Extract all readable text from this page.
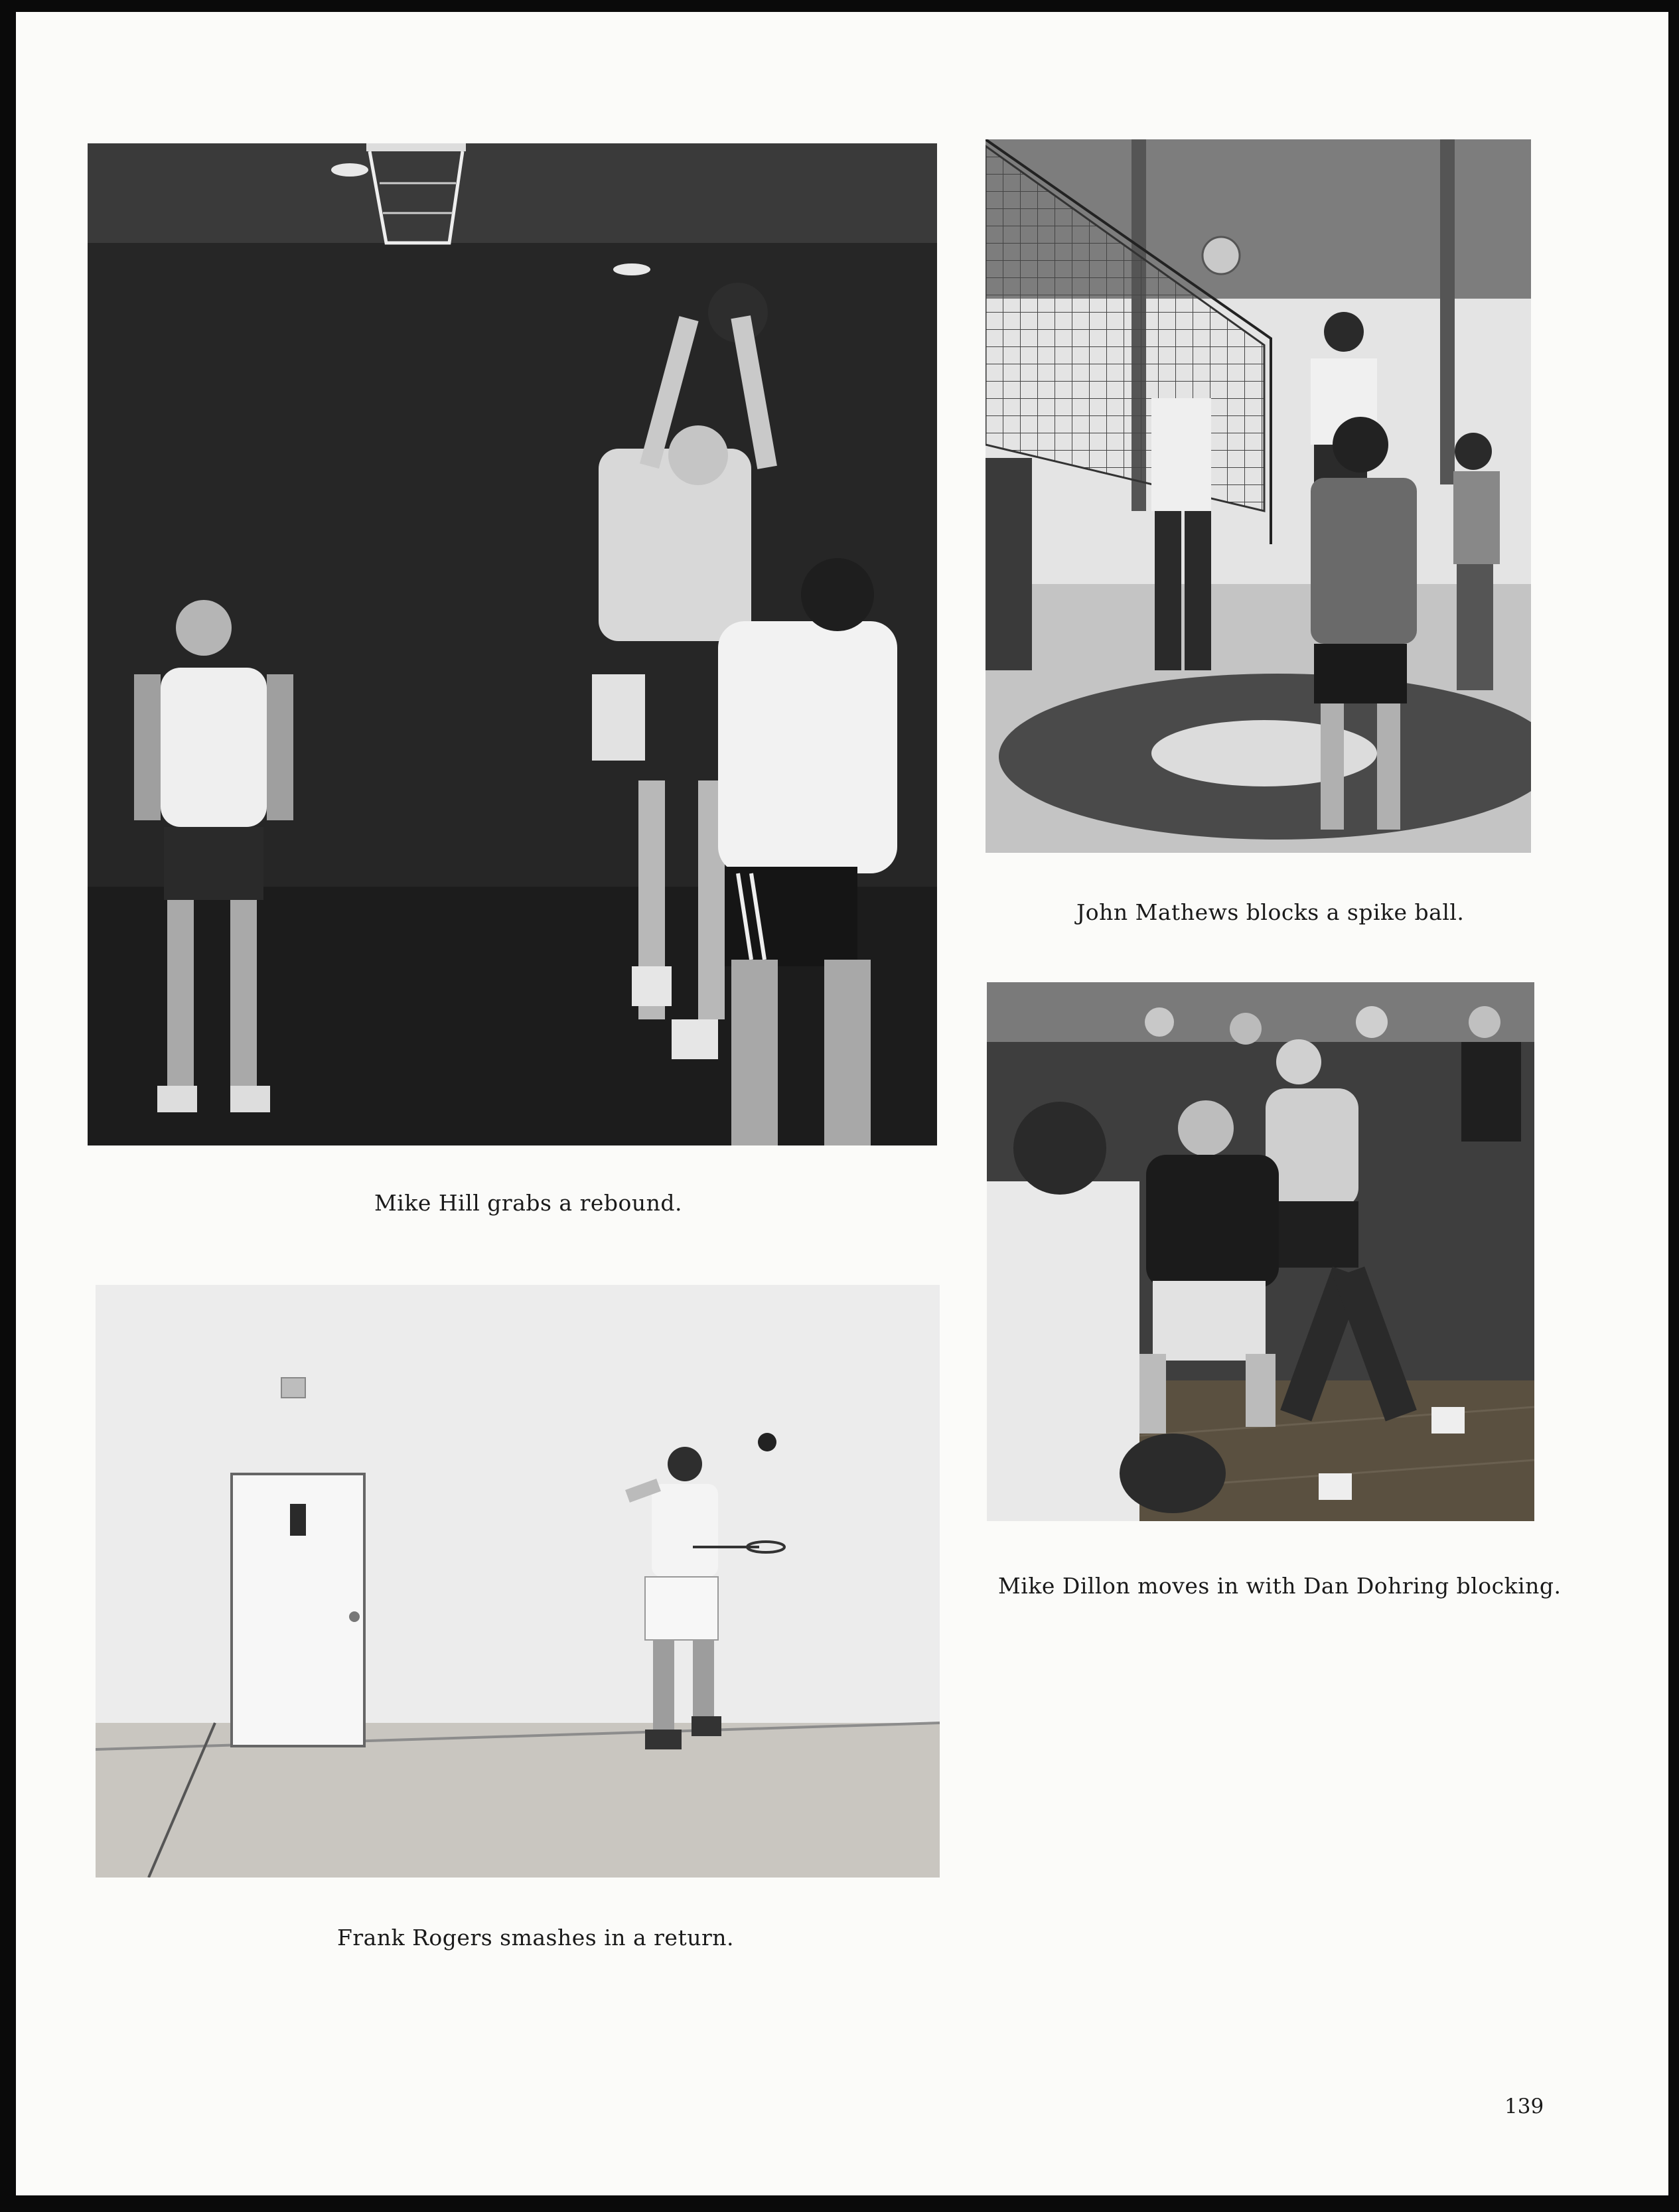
Mike Hill grabs a rebound.
John Mathews blocks a spike ball.
Frank Rogers smashes in a return.
Mike Dillon moves in with Dan Dohring blocking.
139
